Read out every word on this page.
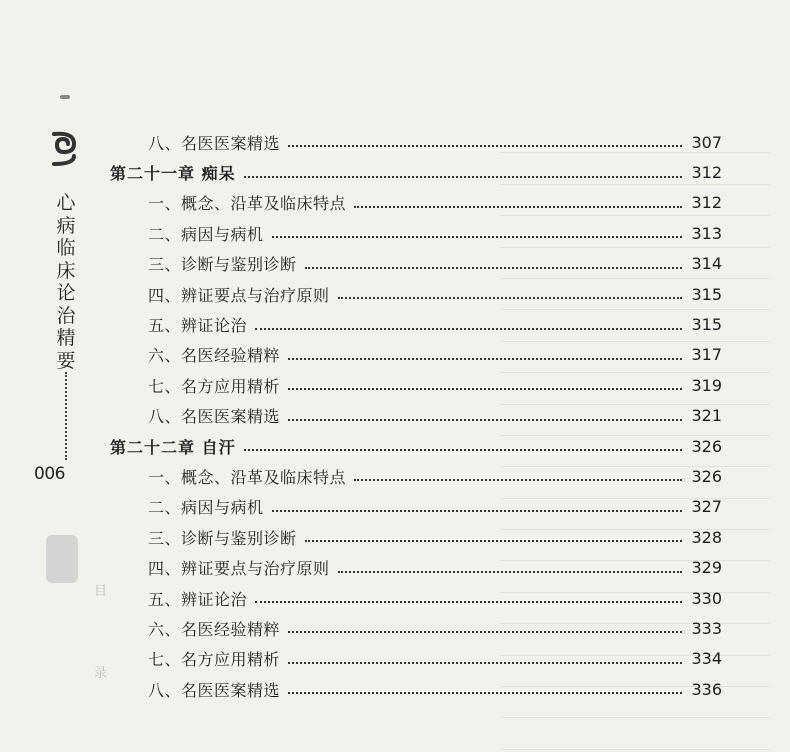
心
病
临
床
论
治
精
要
006
目
录
八、名医医案精选	307
第二十一章 痴呆	312
一、概念、沿革及临床特点	312
二、病因与病机	313
三、诊断与鉴别诊断	314
四、辨证要点与治疗原则	315
五、辨证论治	315
六、名医经验精粹	317
七、名方应用精析	319
八、名医医案精选	321
第二十二章 自汗	326
一、概念、沿革及临床特点	326
二、病因与病机	327
三、诊断与鉴别诊断	328
四、辨证要点与治疗原则	329
五、辨证论治	330
六、名医经验精粹	333
七、名方应用精析	334
八、名医医案精选	336
